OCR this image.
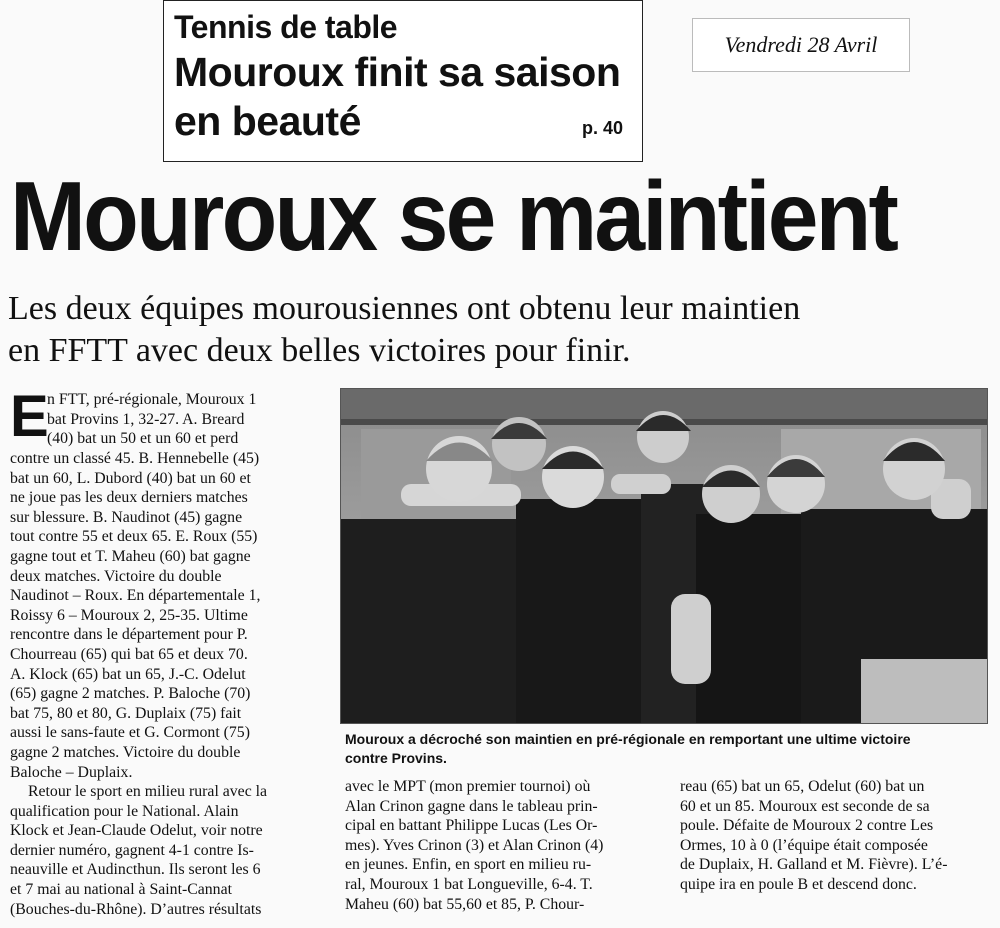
Tennis de table
Mouroux finit sa saison
en beauté	p. 40
Vendredi 28 Avril
Mouroux se maintient
Les deux équipes mourousiennes ont obtenu leur maintien
en FFTT avec deux belles victoires pour finir.
E
n FTT, pré-régionale, Mouroux 1
bat Provins 1, 32-27. A. Breard
(40) bat un 50 et un 60 et perd
contre un classé 45. B. Hennebelle (45)
bat un 60, L. Dubord (40) bat un 60 et
ne joue pas les deux derniers matches
sur blessure. B. Naudinot (45) gagne
tout contre 55 et deux 65. E. Roux (55)
gagne tout et T. Maheu (60) bat gagne
deux matches. Victoire du double
Naudinot – Roux. En départementale 1,
Roissy 6 – Mouroux 2, 25-35. Ultime
rencontre dans le département pour P.
Chourreau (65) qui bat 65 et deux 70.
A. Klock (65) bat un 65, J.-C. Odelut
(65) gagne 2 matches. P. Baloche (70)
bat 75, 80 et 80, G. Duplaix (75) fait
aussi le sans-faute et G. Cormont (75)
gagne 2 matches. Victoire du double
Baloche – Duplaix.
Retour le sport en milieu rural avec la
qualification pour le National. Alain
Klock et Jean-Claude Odelut, voir notre
dernier numéro, gagnent 4-1 contre Is-
neauville et Audincthun. Ils seront les 6
et 7 mai au national à Saint-Cannat
(Bouches-du-Rhône). D’autres résultats
Mouroux a décroché son maintien en pré-régionale en remportant une ultime victoire
contre Provins.
avec le MPT (mon premier tournoi) où
Alan Crinon gagne dans le tableau prin-
cipal en battant Philippe Lucas (Les Or-
mes). Yves Crinon (3) et Alan Crinon (4)
en jeunes. Enfin, en sport en milieu ru-
ral, Mouroux 1 bat Longueville, 6-4. T.
Maheu (60) bat 55,60 et 85, P. Chour-
reau (65) bat un 65, Odelut (60) bat un
60 et un 85. Mouroux est seconde de sa
poule. Défaite de Mouroux 2 contre Les
Ormes, 10 à 0 (l’équipe était composée
de Duplaix, H. Galland et M. Fièvre). L’é-
quipe ira en poule B et descend donc.
